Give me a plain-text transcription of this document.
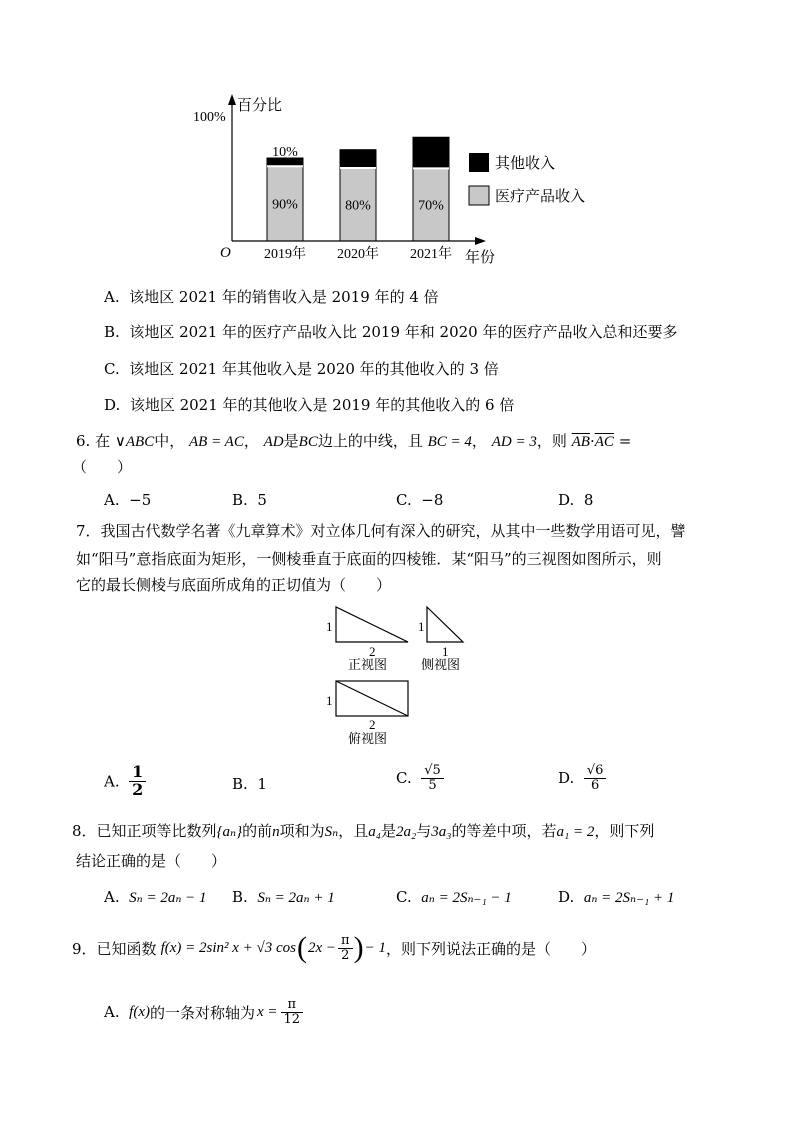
100%
百分比
O	年份
90%
10%
80%	70%
2019年 2020年 2021年
其他收入
医疗产品收入
A. 该地区 2021 年的销售收入是 2019 年的 4 倍
B. 该地区 2021 年的医疗产品收入比 2019 年和 2020 年的医疗产品收入总和还要多
C. 该地区 2021 年其他收入是 2020 年的其他收入的 3 倍
D. 该地区 2021 年的其他收入是 2019 年的其他收入的 6 倍
6. 在 ∨ABC中， AB = AC， AD是BC边上的中线，且 BC = 4， AD = 3，则 $\overline{AB}\cdot\overline{AC}$ =
（　　）
A. −5	B. 5	C. −8	D. 8
7．我国古代数学名著《九章算术》对立体几何有深入的研究，从其中一些数学用语可见，譬
如“阳马”意指底面为矩形，一侧棱垂直于底面的四棱锥．某“阳马”的三视图如图所示，则
它的最长侧棱与底面所成角的正切值为（　　）
1
2
正视图
1
1
侧视图
1
2
俯视图
A. $\frac{1}{2}$	B. 1	C. $\frac{√5}{5}$	D. $\frac{√6}{6}$
8．已知正项等比数列{aₙ}的前n项和为Sₙ，且a₄是2a₂与3a₃的等差中项，若a₁ = 2，则下列
结论正确的是（　　）
A. Sₙ = 2aₙ − 1 B. Sₙ = 2aₙ + 1	C. aₙ = 2Sₙ₋₁ − 1	D. aₙ = 2Sₙ₋₁ + 1
9． 已知函数 f(x) = 2sin² x + √3 cos ( $2x - \frac{\pi}{2}$ ) − 1 ，则下列说法正确的是（　　）
A.
f(x) 的一条对称轴为 $x = \frac{\pi}{12}$
